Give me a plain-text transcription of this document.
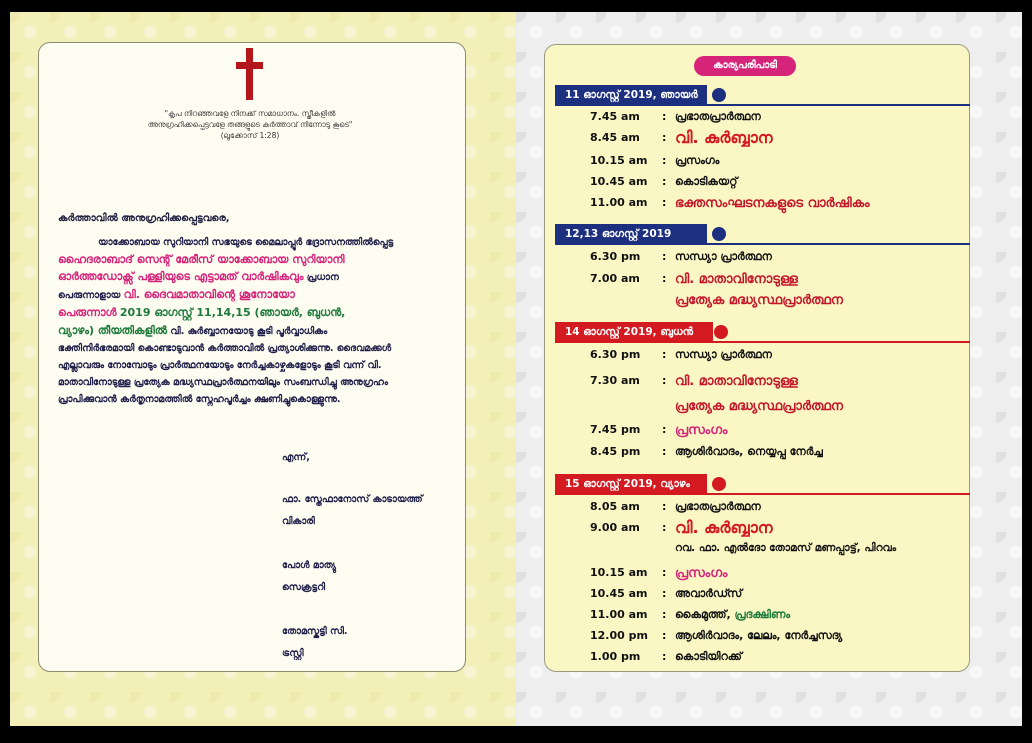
"കൃപ നിറഞ്ഞവളേ നിനക്ക് സമാധാനം. സ്ത്രീകളിൽ
അനുഗ്രഹിക്കപ്പെട്ടവളേ തങ്ങളുടെ കർത്താവ് നിന്നോടു കൂടെ"
(ലൂക്കോസ് 1:28)
കർത്താവിൽ അനുഗ്രഹിക്കപ്പെട്ടവരെ,
യാക്കോബായ സുറിയാനി സഭയുടെ മൈലാപ്പൂർ ഭദ്രാസനത്തിൽപ്പെട്ട
ഹൈദരാബാദ് സെന്റ് മേരീസ് യാക്കോബായ സുറിയാനി
ഓർത്തഡോക്സ് പള്ളിയുടെ എട്ടാമത് വാർഷികവും പ്രധാന
പെരുന്നാളായ വി. ദൈവമാതാവിന്റെ ശൂനോയോ
പെരുന്നാൾ 2019 ഓഗസ്റ്റ് 11,14,15 (ഞായർ, ബുധൻ,
വ്യാഴം) തീയതികളിൽ വി. കുർബ്ബാനയോടു കൂടി പൂർവ്വാധികം
ഭക്തിനിർഭരമായി കൊണ്ടാടുവാൻ കർത്താവിൽ പ്രത്യാശിക്കുന്നു. ദൈവമക്കൾ
എല്ലാവരും നോമ്പോടും പ്രാർത്ഥനയോടും നേർച്ചകാഴ്ചകളോടും കൂടി വന്ന് വി.
മാതാവിനോടുള്ള പ്രത്യേക മദ്ധ്യസ്ഥപ്രാർത്ഥനയിലും സംബന്ധിച്ചു അനുഗ്രഹം
പ്രാപിക്കുവാൻ കർതൃനാമത്തിൽ സ്നേഹപൂർച്ചം ക്ഷണിച്ചുകൊള്ളുന്നു.
എന്ന്,
ഫാ. സ്തേഫാനോസ് കാടായത്ത്
വികാരി
പോൾ മാത്യു
സെക്രട്ടറി
തോമസ്കുട്ടി സി.
ട്രസ്റ്റി
കാര്യപരിപാടി
11 ഓഗസ്റ്റ് 2019, ഞായർ
7.45 am : പ്രഭാതപ്രാർത്ഥന
8.45 am : വി. കുർബ്ബാന
10.15 am : പ്രസംഗം
10.45 am : കൊടികയറ്റ്
11.00 am : ഭക്തസംഘടനകളുടെ വാർഷികം
12,13 ഓഗസ്റ്റ് 2019
6.30 pm : സന്ധ്യാ പ്രാർത്ഥന
7.00 am : വി. മാതാവിനോടുള്ള
പ്രത്യേക മദ്ധ്യസ്ഥപ്രാർത്ഥന
14 ഓഗസ്റ്റ് 2019, ബുധൻ
6.30 pm : സന്ധ്യാ പ്രാർത്ഥന
7.30 am : വി. മാതാവിനോടുള്ള
പ്രത്യേക മദ്ധ്യസ്ഥപ്രാർത്ഥന
7.45 pm : പ്രസംഗം
8.45 pm : ആശിർവാദം, നെയ്യപ്പ നേർച്ച
15 ഓഗസ്റ്റ് 2019, വ്യാഴം
8.05 am : പ്രഭാതപ്രാർത്ഥന
9.00 am : വി. കുർബ്ബാന
റവ. ഫാ. എൽദോ തോമസ് മണപ്പാട്ട്, പിറവം
10.15 am : പ്രസംഗം
10.45 am : അവാർഡ്സ്
11.00 am : കൈമുത്ത്, പ്രദക്ഷിണം
12.00 pm : ആശിർവാദം, ലേലം, നേർച്ചസദ്യ
1.00 pm : കൊടിയിറക്ക്
